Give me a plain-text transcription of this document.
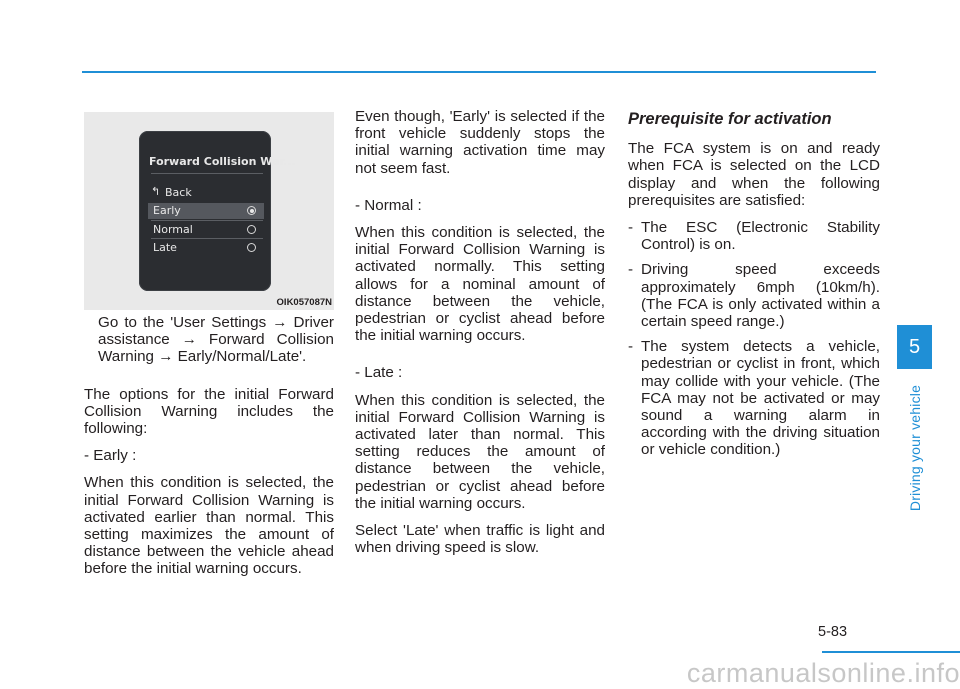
Forward Collision War...
↰ Back
Early
Normal
Late
OIK057087N

Go to the 'User Settings → Driver assistance → Forward Collision Warning → Early/Normal/Late'.

The options for the initial Forward Collision Warning includes the following:

- Early :

When this condition is selected, the initial Forward Collision Warning is activated earlier than normal. This setting maximizes the amount of distance between the vehicle ahead before the initial warning occurs.

Even though, 'Early' is selected if the front vehicle suddenly stops the initial warning activation time may not seem fast.

- Normal :

When this condition is selected, the initial Forward Collision Warning is activated normally. This setting allows for a nominal amount of distance between the vehicle, pedestrian or cyclist ahead before the initial warning occurs.

- Late :

When this condition is selected, the initial Forward Collision Warning is activated later than normal. This setting reduces the amount of distance between the vehicle, pedestrian or cyclist ahead before the initial warning occurs.

Select 'Late' when traffic is light and when driving speed is slow.

Prerequisite for activation

The FCA system is on and ready when FCA is selected on the LCD display and when the following prerequisites are satisfied:

- The ESC (Electronic Stability Control) is on.
- Driving speed exceeds approximately 6mph (10km/h). (The FCA is only activated within a certain speed range.)
- The system detects a vehicle, pedestrian or cyclist in front, which may collide with your vehicle. (The FCA may not be activated or may sound a warning alarm in according with the driving situation or vehicle condition.)
5
Driving your vehicle
5-83
carmanualsonline.info
